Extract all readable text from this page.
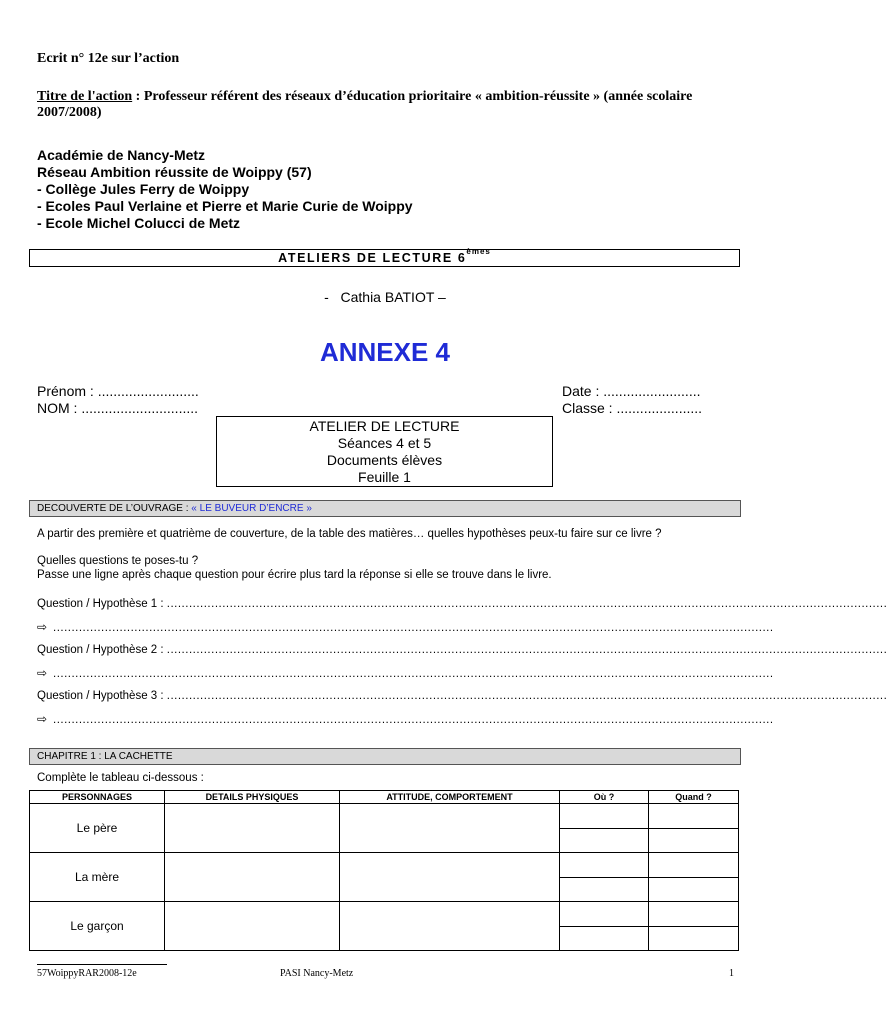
Ecrit n° 12e sur l’action
Titre de l'action : Professeur référent des réseaux d’éducation prioritaire « ambition-réussite » (année scolaire 2007/2008)
Académie de Nancy-Metz
Réseau Ambition réussite de Woippy (57)
- Collège Jules Ferry de Woippy
- Ecoles Paul Verlaine et Pierre et Marie Curie de Woippy
- Ecole Michel Colucci de Metz
ATELIERS DE LECTURE 6èmes
-   Cathia BATIOT –
ANNEXE 4
Prénom : ..........................
NOM : ..............................
Date : .........................
Classe : ......................
ATELIER DE LECTURE
Séances 4 et 5
Documents élèves
Feuille 1
DECOUVERTE DE L’OUVRAGE : « LE BUVEUR D’ENCRE »
A partir des première et quatrième de couverture, de la table des matières… quelles hypothèses peux-tu faire sur ce livre ?
Quelles questions te poses-tu ?
Passe une ligne après chaque question pour écrire plus tard la réponse si elle se trouve dans le livre.
Question / Hypothèse 1 : ...................................................................................................................................................................................................
⇨ ...................................................................................................................................................................................................
Question / Hypothèse 2 : ...................................................................................................................................................................................................
⇨ ...................................................................................................................................................................................................
Question / Hypothèse 3 : ...................................................................................................................................................................................................
⇨ ...................................................................................................................................................................................................
CHAPITRE 1 : LA CACHETTE
Complète le tableau ci-dessous :
PERSONNAGES	DETAILS PHYSIQUES	ATTITUDE, COMPORTEMENT	Où ?	Quand ?
Le père			

La mère			

Le garçon			

57WoippyRAR2008-12e	PASI Nancy-Metz	1
